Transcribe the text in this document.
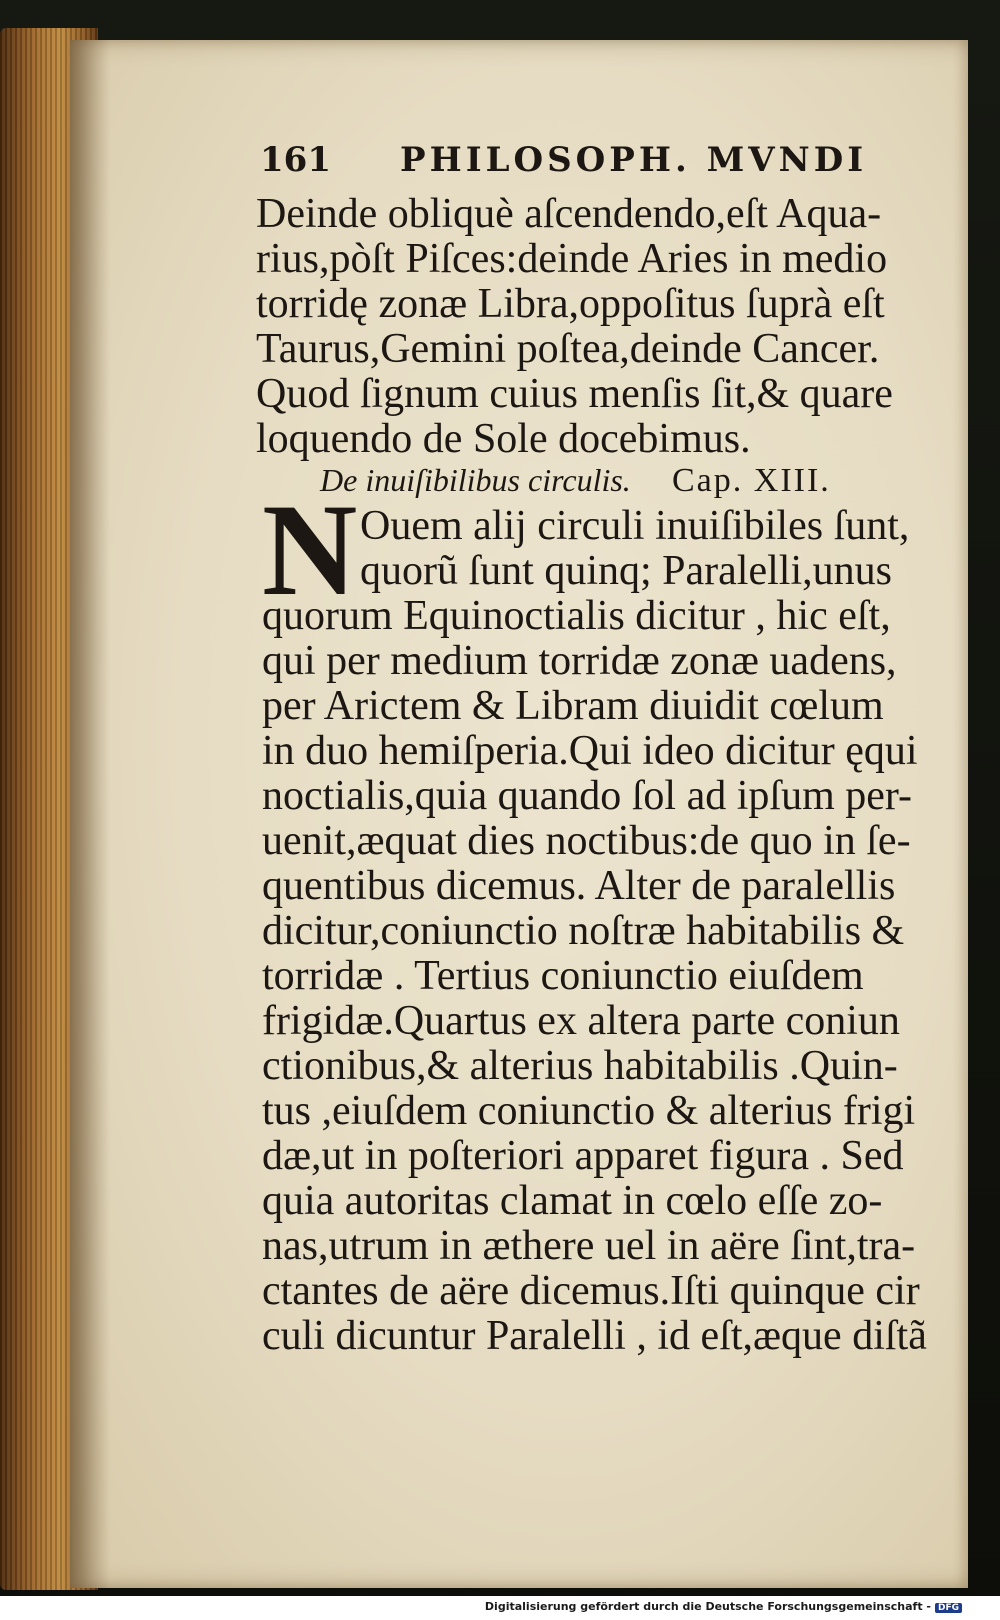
161 PHILOSOPH. MVNDI
Deinde obliquè aſcendendo,eſt Aqua-
rius,pòſt Piſces:deinde Aries in medio
torridę zonæ Libra,oppoſitus ſuprà eſt
Taurus,Gemini poſtea,deinde Cancer.
Quod ſignum cuius menſis ſit,& quare
loquendo de Sole docebimus.
De inuiſibilibus circulis. Cap. XIII.
N Ouem alij circuli inuiſibiles ſunt,
quorũ ſunt quinq; Paralelli,unus
quorum Equinoctialis dicitur , hic eſt,
qui per medium torridæ zonæ uadens,
per Arictem & Libram diuidit cœlum
in duo hemiſperia.Qui ideo dicitur ęqui
noctialis,quia quando ſol ad ipſum per-
uenit,æquat dies noctibus:de quo in ſe-
quentibus dicemus. Alter de paralellis
dicitur,coniunctio noſtræ habitabilis &
torridæ . Tertius coniunctio eiuſdem
frigidæ.Quartus ex altera parte coniun
ctionibus,& alterius habitabilis .Quin-
tus ,eiuſdem coniunctio & alterius frigi
dæ,ut in poſteriori apparet figura . Sed
quia autoritas clamat in cœlo eſſe zo-
nas,utrum in æthere uel in aëre ſint,tra-
ctantes de aëre dicemus.Iſti quinque cir
culi dicuntur Paralelli , id eſt,æque diſtã
Digitalisierung gefördert durch die Deutsche Forschungsgemeinschaft - DFG
